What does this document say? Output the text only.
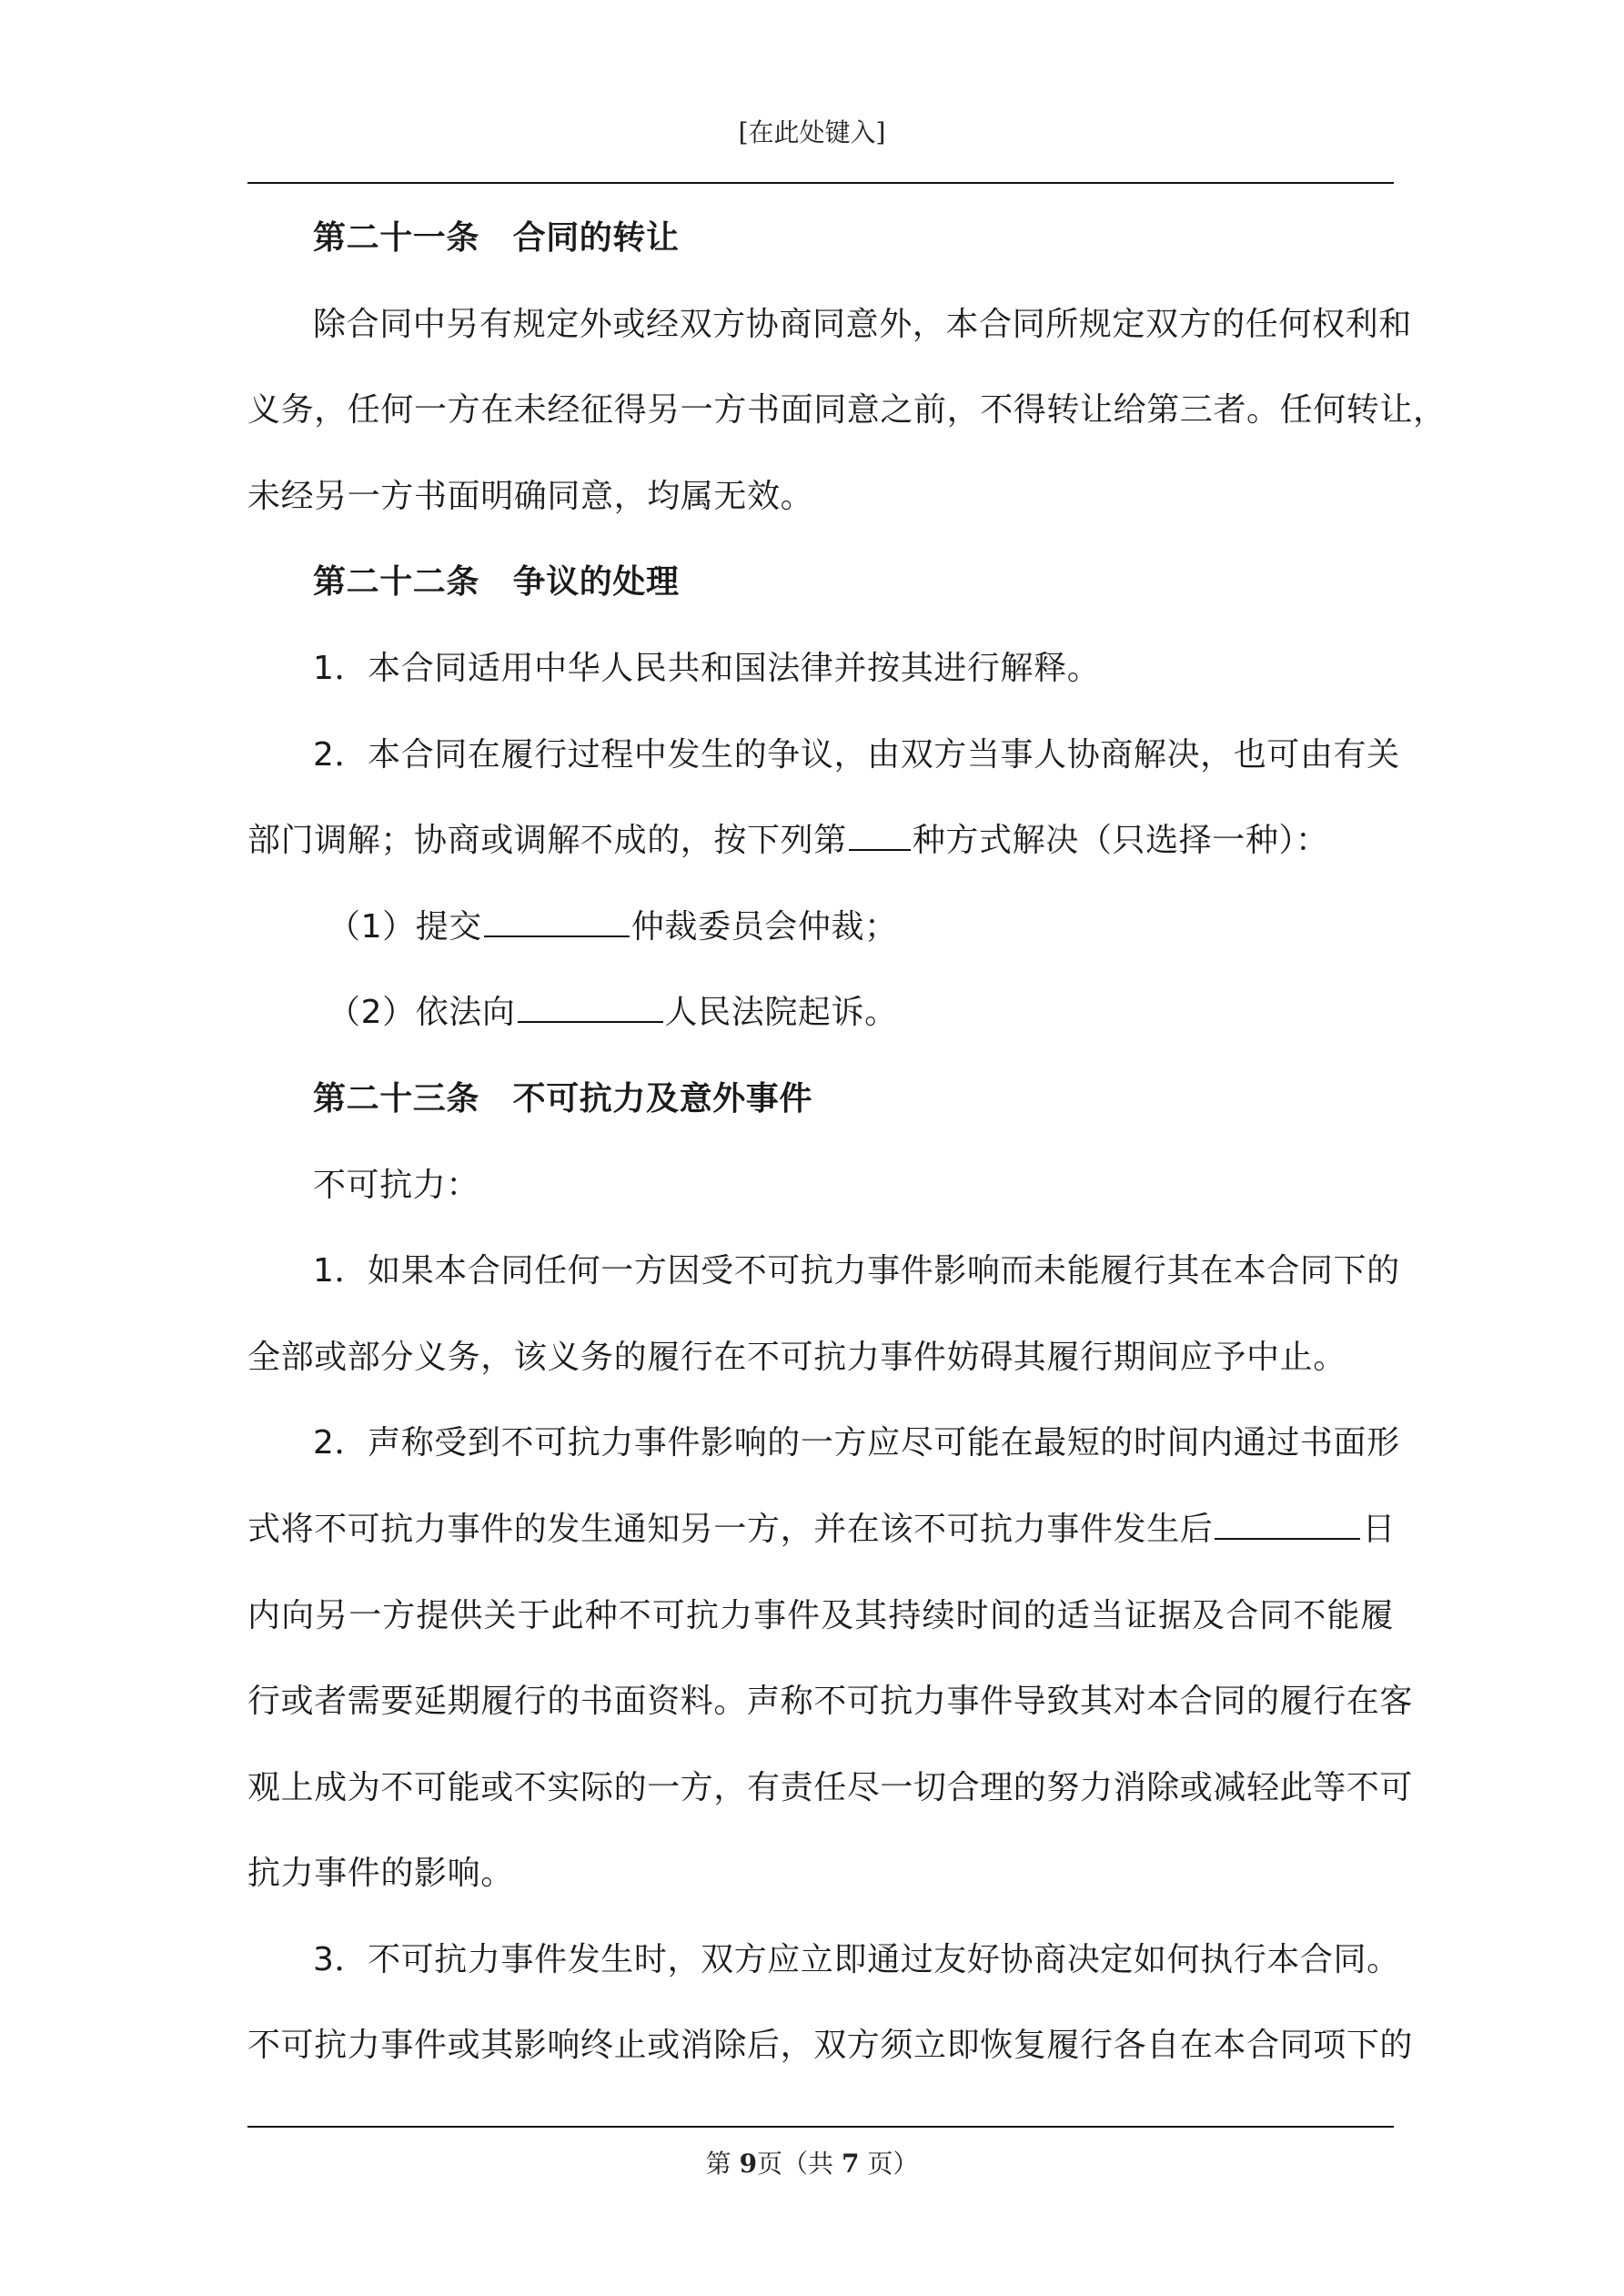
[在此处键入]
第二十一条　合同的转让
除合同中另有规定外或经双方协商同意外，本合同所规定双方的任何权利和
义务，任何一方在未经征得另一方书面同意之前，不得转让给第三者。任何转让，
未经另一方书面明确同意，均属无效。
第二十二条　争议的处理
1．本合同适用中华人民共和国法律并按其进行解释。
2．本合同在履行过程中发生的争议，由双方当事人协商解决，也可由有关
部门调解；协商或调解不成的，按下列第 种方式解决（只选择一种）：
（1）提交	仲裁委员会仲裁；
（2）依法向	人民法院起诉。
第二十三条　不可抗力及意外事件
不可抗力：
1．如果本合同任何一方因受不可抗力事件影响而未能履行其在本合同下的
全部或部分义务，该义务的履行在不可抗力事件妨碍其履行期间应予中止。
2．声称受到不可抗力事件影响的一方应尽可能在最短的时间内通过书面形
式将不可抗力事件的发生通知另一方，并在该不可抗力事件发生后	日
内向另一方提供关于此种不可抗力事件及其持续时间的适当证据及合同不能履
行或者需要延期履行的书面资料。声称不可抗力事件导致其对本合同的履行在客
观上成为不可能或不实际的一方，有责任尽一切合理的努力消除或减轻此等不可
抗力事件的影响。
3．不可抗力事件发生时，双方应立即通过友好协商决定如何执行本合同。
不可抗力事件或其影响终止或消除后，双方须立即恢复履行各自在本合同项下的
第 9页（共 7 页）
